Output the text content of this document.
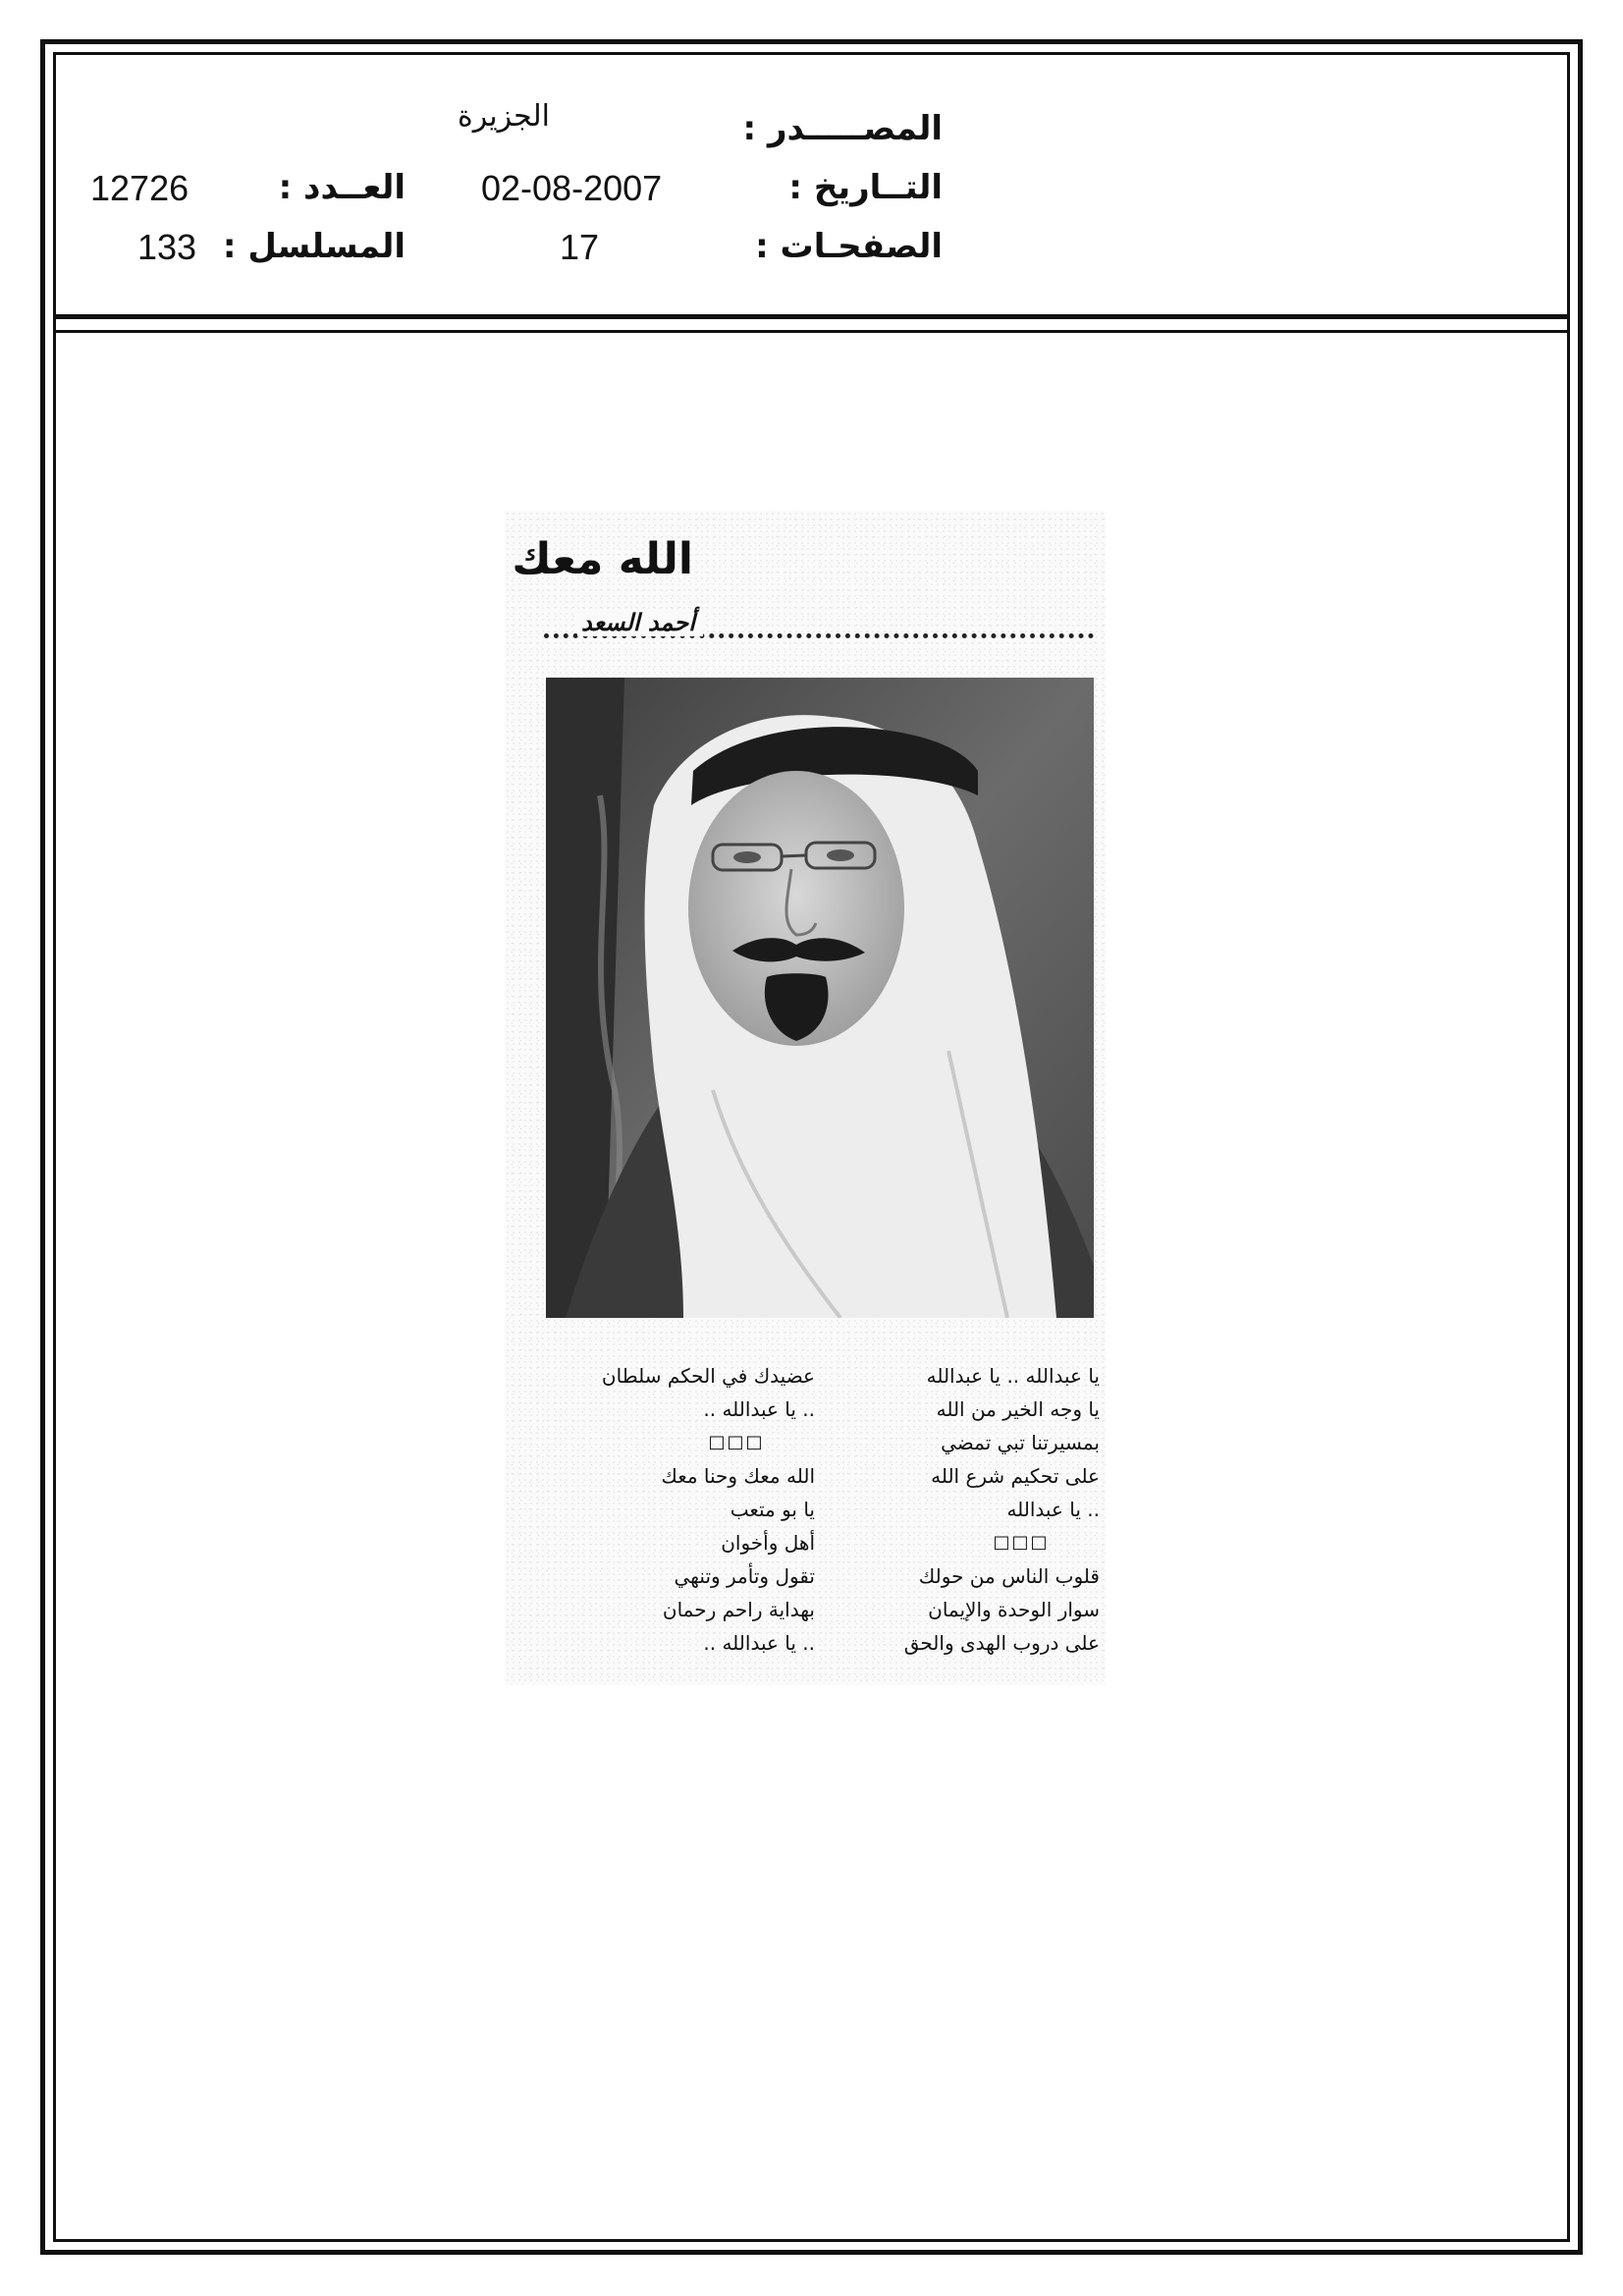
المصـــــدر :
الجزيرة
التــاريخ :
02-08-2007
العــدد :
12726
الصفحـات :
17
المسلسل :
133
الله معك
أحمد السعد
يا عبدالله .. يا عبدالله
يا وجه الخير من الله
بمسيرتنا تبي تمضي
على تحكيم شرع الله
.. يا عبدالله
□□□
قلوب الناس من حولك
سوار الوحدة والإيمان
على دروب الهدى والحق
عضيدك في الحكم سلطان
.. يا عبدالله ..
□□□
الله معك وحنا معك
يا بو متعب
أهل وأخوان
تقول وتأمر وتنهي
بهداية راحم رحمان
.. يا عبدالله ..
